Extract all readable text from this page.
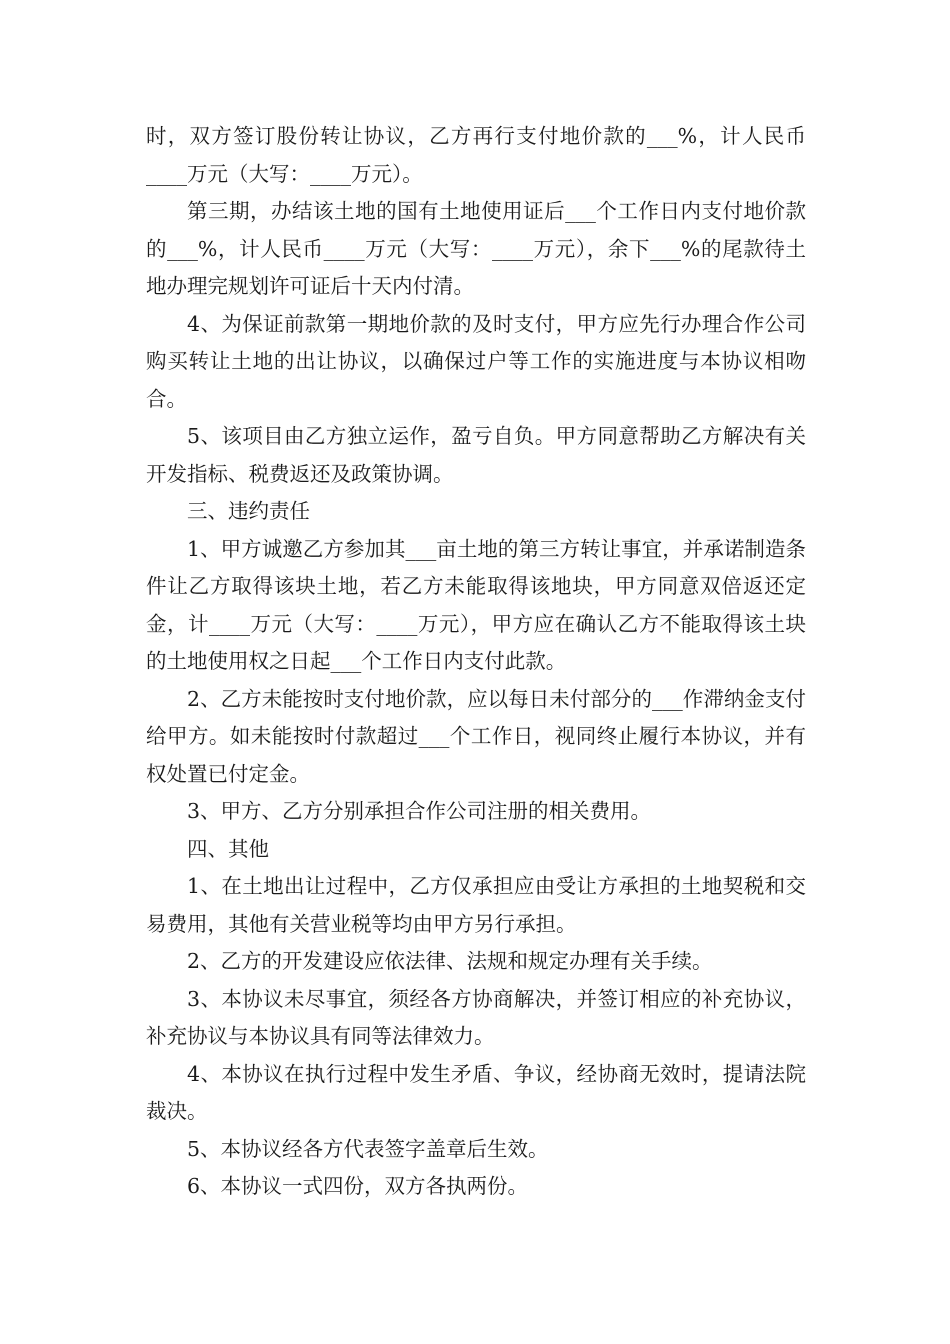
时，双方签订股份转让协议，乙方再行支付地价款的___%，计人民币____万元（大写：____万元）。

第三期，办结该土地的国有土地使用证后___个工作日内支付地价款的___%，计人民币____万元（大写：____万元），余下___%的尾款待土地办理完规划许可证后十天内付清。

4、为保证前款第一期地价款的及时支付，甲方应先行办理合作公司购买转让土地的出让协议，以确保过户等工作的实施进度与本协议相吻合。

5、该项目由乙方独立运作，盈亏自负。甲方同意帮助乙方解决有关开发指标、税费返还及政策协调。

三、违约责任

1、甲方诚邀乙方参加其___亩土地的第三方转让事宜，并承诺制造条件让乙方取得该块土地，若乙方未能取得该地块，甲方同意双倍返还定金，计____万元（大写：____万元），甲方应在确认乙方不能取得该土块的土地使用权之日起___个工作日内支付此款。

2、乙方未能按时支付地价款，应以每日未付部分的___作滞纳金支付给甲方。如未能按时付款超过___个工作日，视同终止履行本协议，并有权处置已付定金。

3、甲方、乙方分别承担合作公司注册的相关费用。

四、其他

1、在土地出让过程中，乙方仅承担应由受让方承担的土地契税和交易费用，其他有关营业税等均由甲方另行承担。

2、乙方的开发建设应依法律、法规和规定办理有关手续。

3、本协议未尽事宜，须经各方协商解决，并签订相应的补充协议，补充协议与本协议具有同等法律效力。

4、本协议在执行过程中发生矛盾、争议，经协商无效时，提请法院裁决。

5、本协议经各方代表签字盖章后生效。

6、本协议一式四份，双方各执两份。
